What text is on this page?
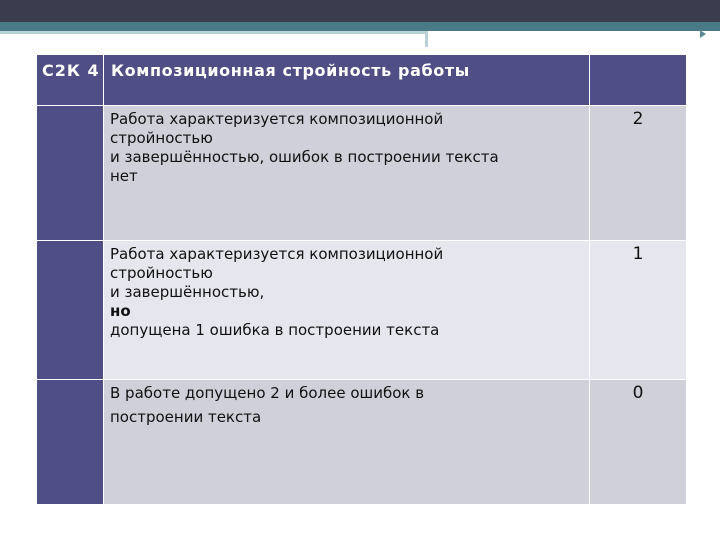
С2К 4	Композиционная стройность работы	

	Работа характеризуется композиционной
стройностью
и завершённостью, ошибок в построении текста
нет	2

	Работа характеризуется композиционной
стройностью
и завершённостью,
но
допущена 1 ошибка в построении текста	1

	В работе допущено 2 и более ошибок в
построении текста	0
